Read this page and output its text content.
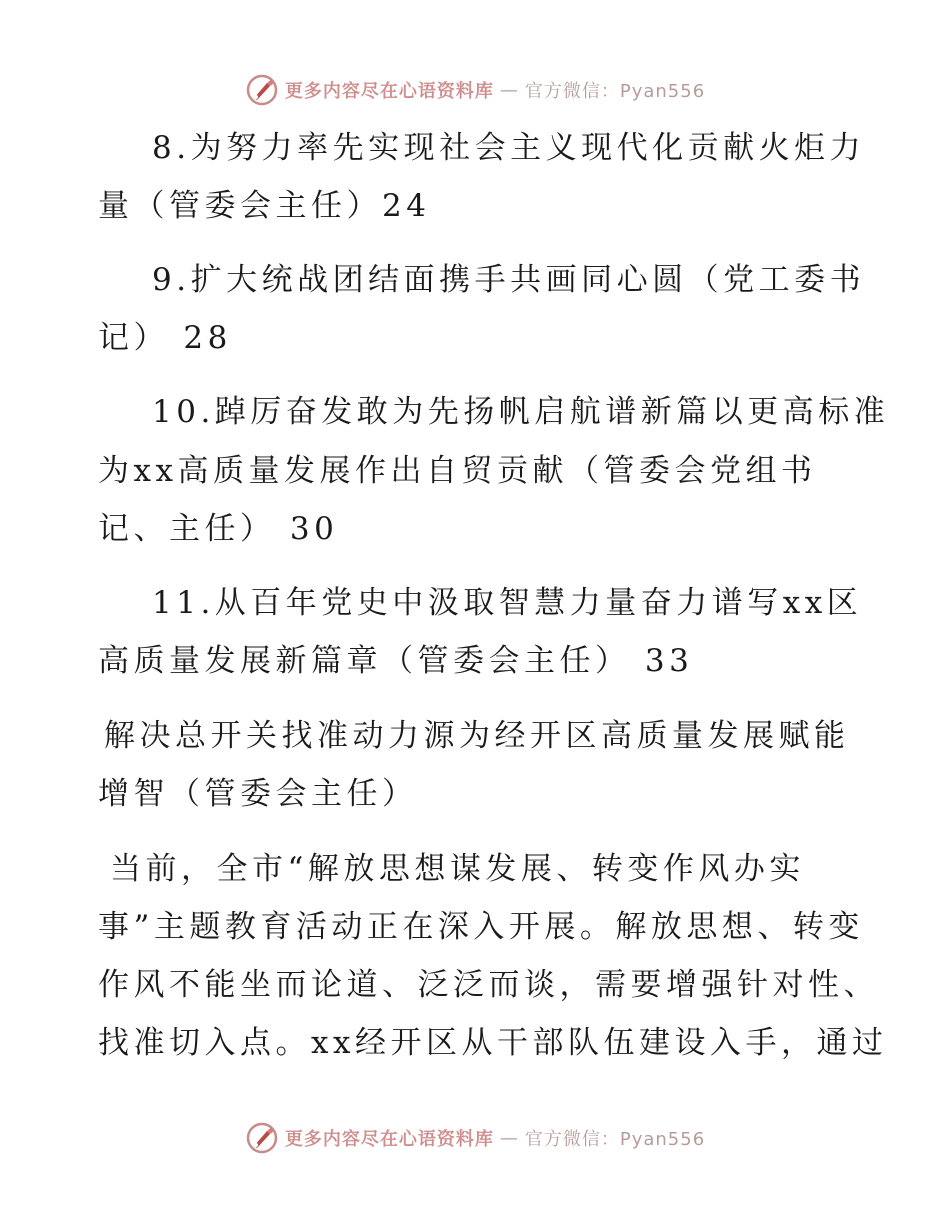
更多内容尽在心语资料库 — 官方微信：Pyan556
8.为努力率先实现社会主义现代化贡献火炬力
量（管委会主任）24
9.扩大统战团结面携手共画同心圆（党工委书
记） 28
10.踔厉奋发敢为先扬帆启航谱新篇以更高标准
为xx高质量发展作出自贸贡献（管委会党组书
记、主任） 30
11.从百年党史中汲取智慧力量奋力谱写xx区
高质量发展新篇章（管委会主任） 33
解决总开关找准动力源为经开区高质量发展赋能
增智（管委会主任）
当前，全市“解放思想谋发展、转变作风办实
事”主题教育活动正在深入开展。解放思想、转变
作风不能坐而论道、泛泛而谈，需要增强针对性、
找准切入点。xx经开区从干部队伍建设入手，通过
更多内容尽在心语资料库 — 官方微信：Pyan556
